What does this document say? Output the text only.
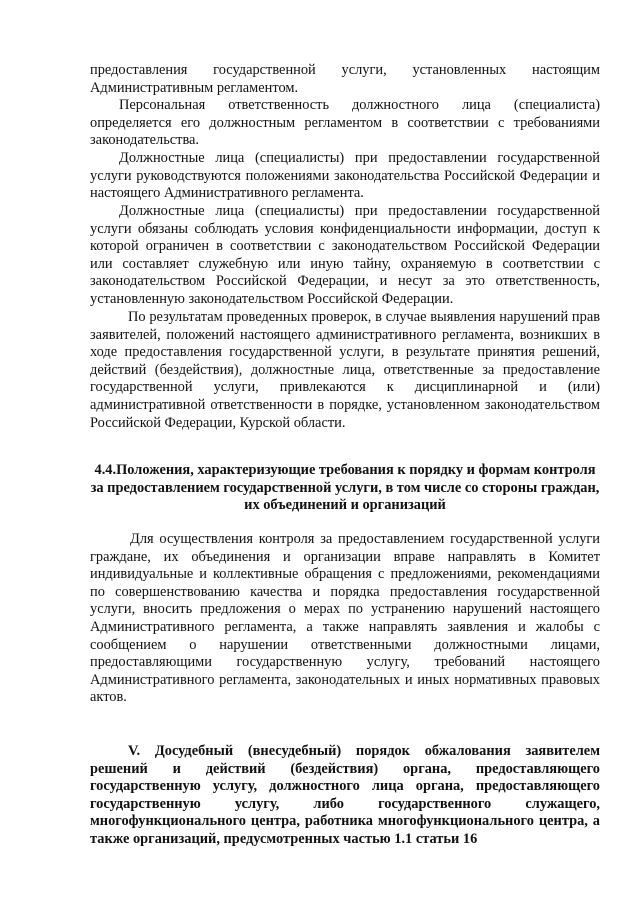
предоставления государственной услуги, установленных настоящим Административным регламентом.

Персональная ответственность должностного лица (специалиста) определяется его должностным регламентом в соответствии с требованиями законодательства.

Должностные лица (специалисты) при предоставлении государственной услуги руководствуются положениями законодательства Российской Федерации и настоящего Административного регламента.

Должностные лица (специалисты) при предоставлении государственной услуги обязаны соблюдать условия конфиденциальности информации, доступ к которой ограничен в соответствии с законодательством Российской Федерации или составляет служебную или иную тайну, охраняемую в соответствии с законодательством Российской Федерации, и несут за это ответственность, установленную законодательством Российской Федерации.

По результатам проведенных проверок, в случае выявления нарушений прав заявителей, положений настоящего административного регламента, возникших в ходе предоставления государственной услуги, в результате принятия решений, действий (бездействия), должностные лица, ответственные за предоставление государственной услуги, привлекаются к дисциплинарной и (или) административной ответственности в порядке, установленном законодательством Российской Федерации, Курской области.

4.4.Положения, характеризующие требования к порядку и формам контроля за предоставлением государственной услуги, в том числе со стороны граждан, их объединений и организаций

Для осуществления контроля за предоставлением государственной услуги граждане, их объединения и организации вправе направлять в Комитет индивидуальные и коллективные обращения с предложениями, рекомендациями по совершенствованию качества и порядка предоставления государственной услуги, вносить предложения о мерах по устранению нарушений настоящего Административного регламента, а также направлять заявления и жалобы с сообщением о нарушении ответственными должностными лицами, предоставляющими государственную услугу, требований настоящего Административного регламента, законодательных и иных нормативных правовых актов.

V. Досудебный (внесудебный) порядок обжалования заявителем решений и действий (бездействия) органа, предоставляющего государственную услугу, должностного лица органа, предоставляющего государственную услугу, либо государственного служащего, многофункционального центра, работника многофункционального центра, а также организаций, предусмотренных частью 1.1 статьи 16
